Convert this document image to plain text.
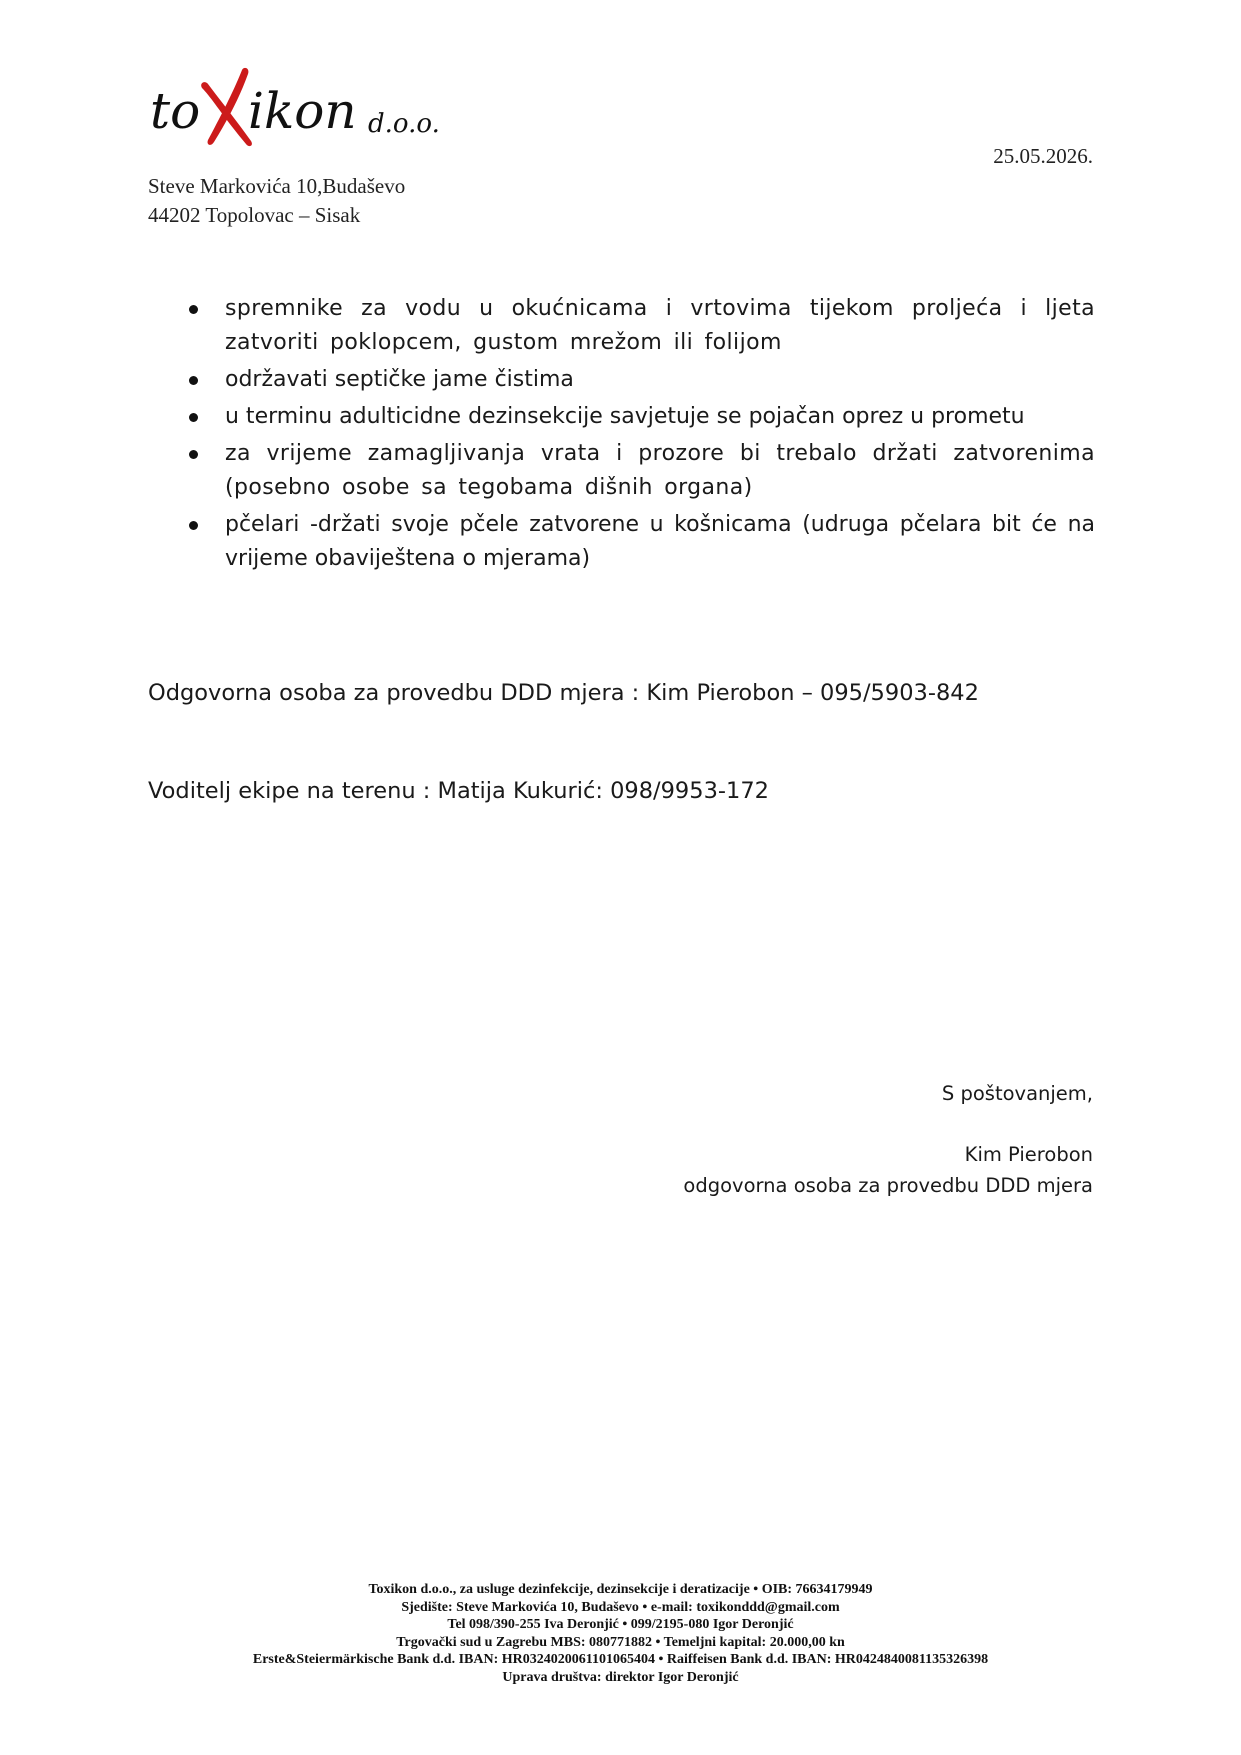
to ikon d.o.o.
Steve Markovića 10,Budaševo
44202 Topolovac – Sisak
25.05.2026.
spremnike za vodu u okućnicama i vrtovima tijekom proljeća i ljeta zatvoriti poklopcem, gustom mrežom ili folijom
održavati septičke jame čistima
u terminu adulticidne dezinsekcije savjetuje se pojačan oprez u prometu
za vrijeme zamagljivanja vrata i prozore bi trebalo držati zatvorenima (posebno osobe sa tegobama dišnih organa)
pčelari -držati svoje pčele zatvorene u košnicama (udruga pčelara bit će na vrijeme obaviještena o mjerama)
Odgovorna osoba za provedbu DDD mjera : Kim Pierobon – 095/5903-842
Voditelj ekipe na terenu : Matija Kukurić: 098/9953-172
S poštovanjem,
Kim Pierobon
odgovorna osoba za provedbu DDD mjera
Toxikon d.o.o., za usluge dezinfekcije, dezinsekcije i deratizacije • OIB: 76634179949
Sjedište: Steve Markovića 10, Budaševo • e-mail: toxikonddd@gmail.com
Tel 098/390-255 Iva Deronjić • 099/2195-080 Igor Deronjić
Trgovački sud u Zagrebu MBS: 080771882 • Temeljni kapital: 20.000,00 kn
Erste&Steiermärkische Bank d.d. IBAN: HR0324020061101065404 • Raiffeisen Bank d.d. IBAN: HR0424840081135326398
Uprava društva: direktor Igor Deronjić
